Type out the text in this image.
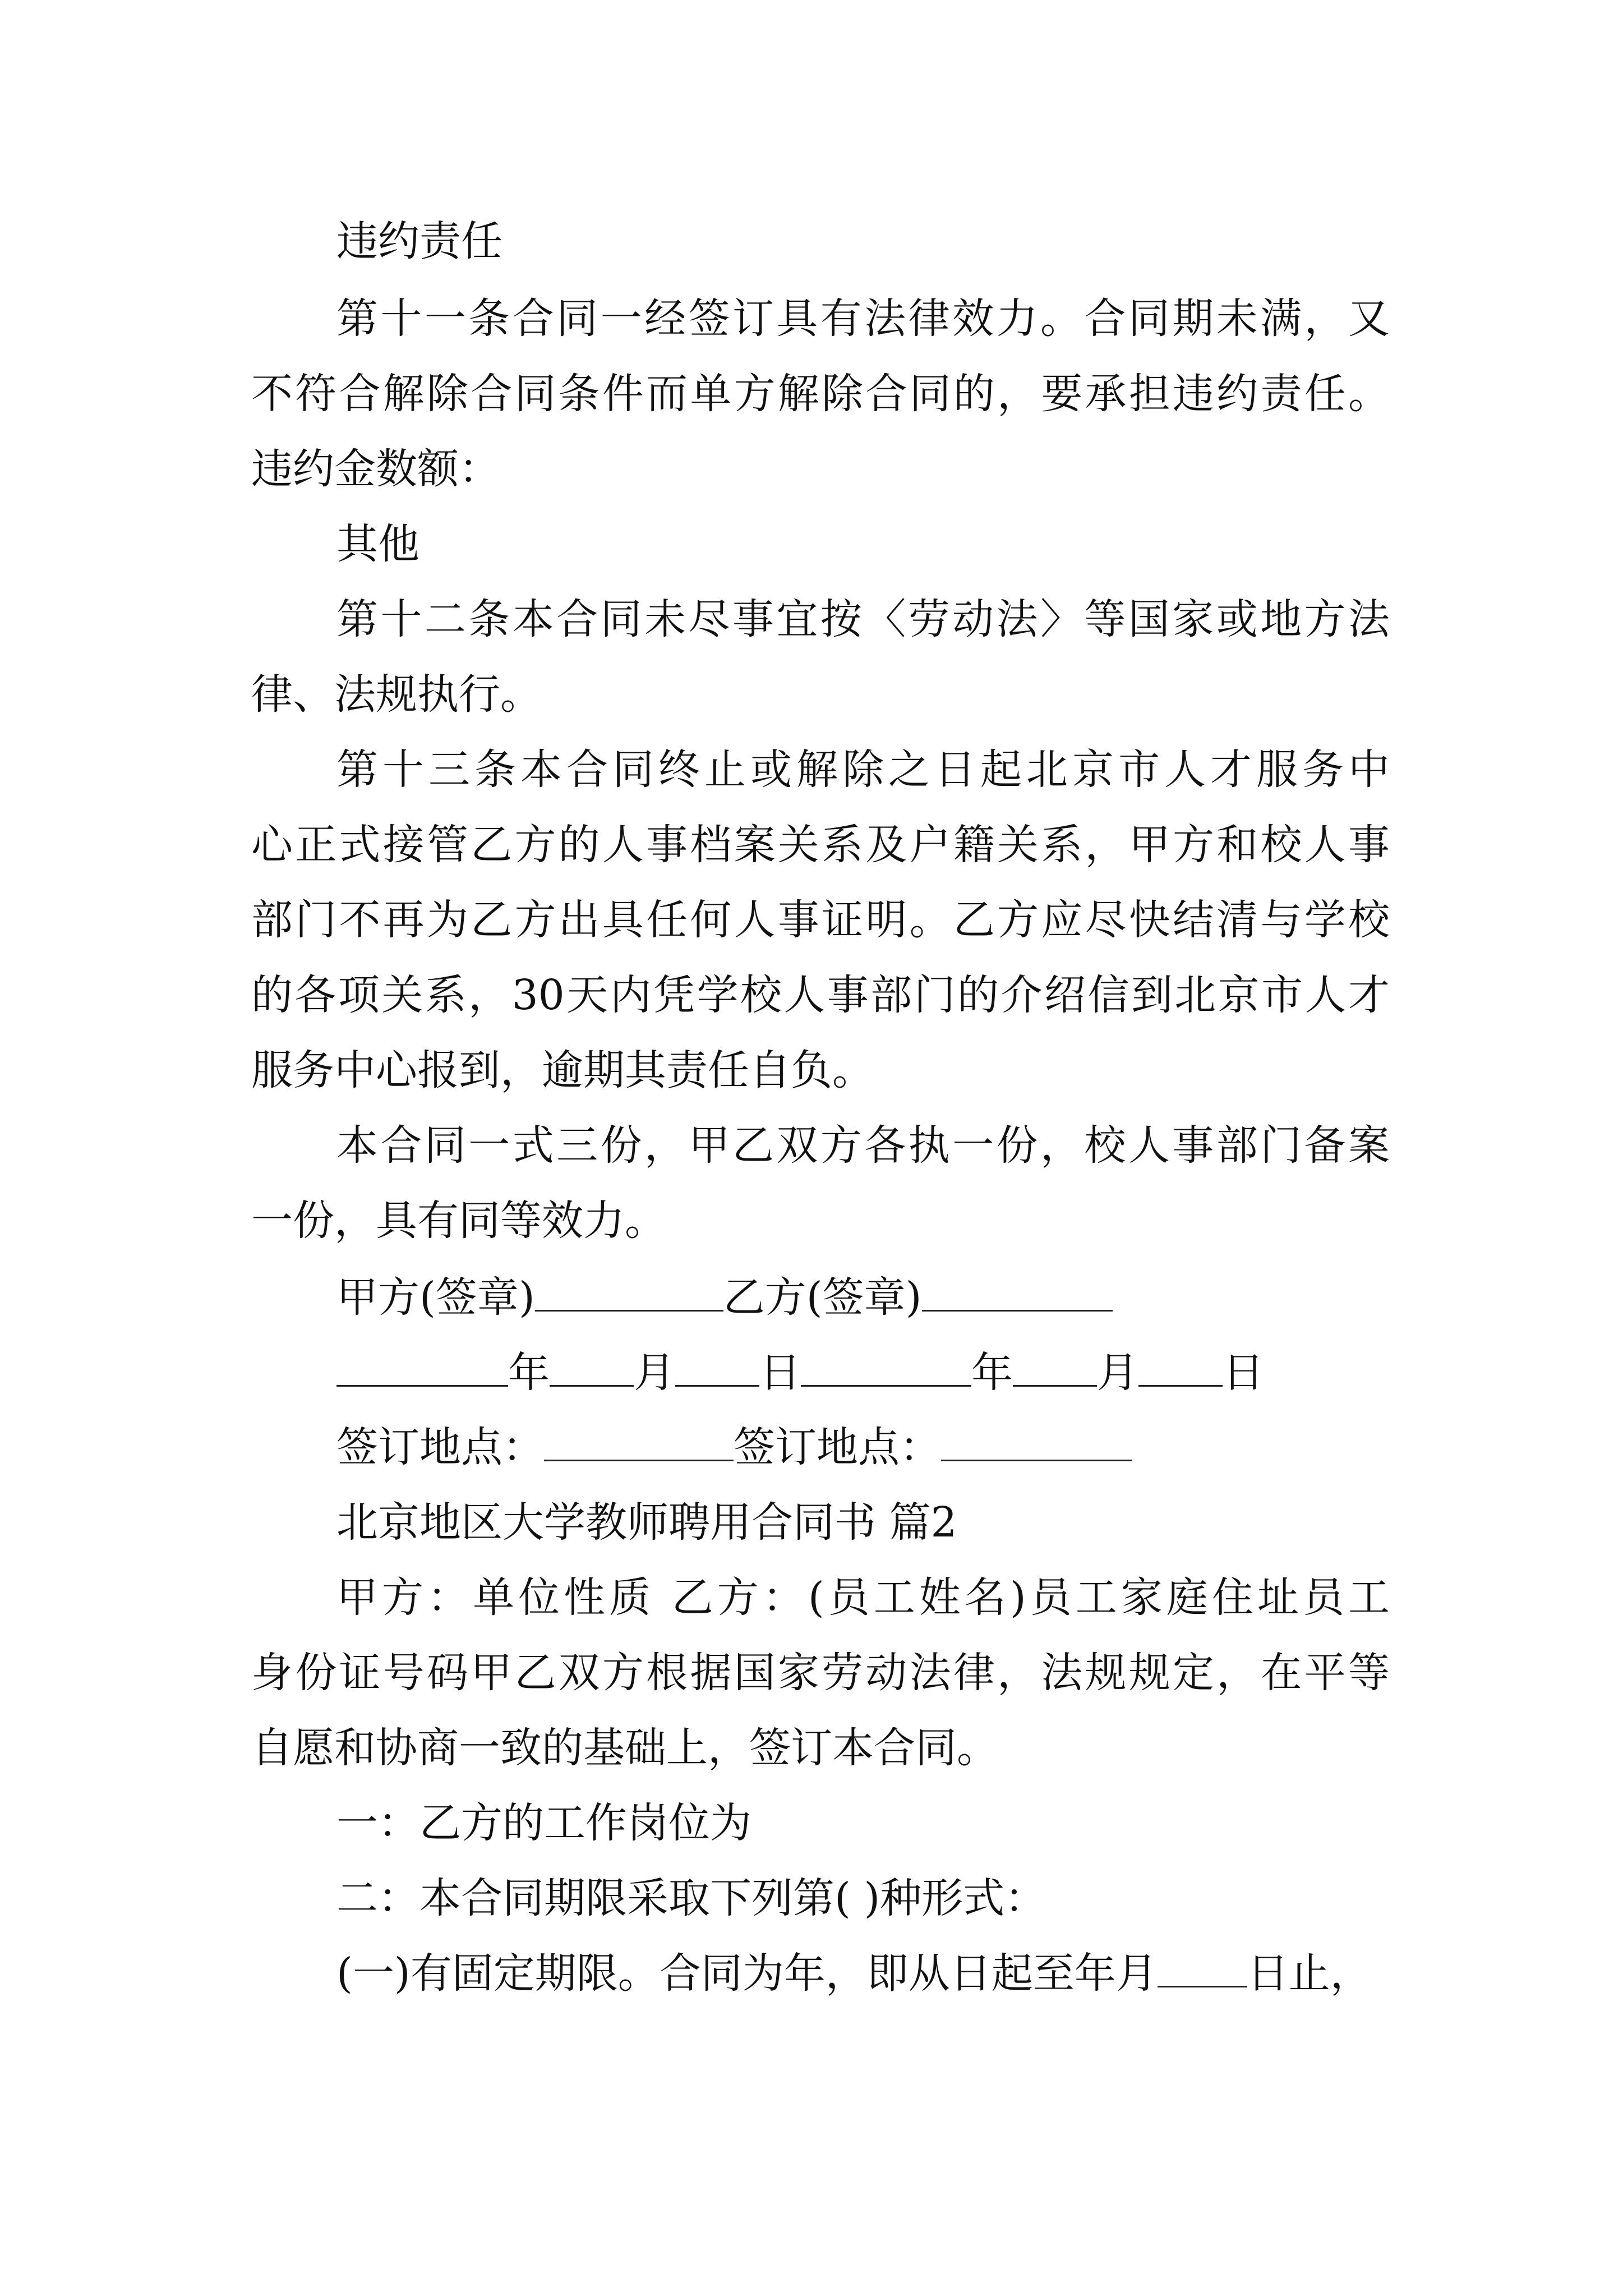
违约责任
第十一条合同一经签订具有法律效力。合同期未满，又
不符合解除合同条件而单方解除合同的，要承担违约责任。
违约金数额：
其他
第十二条本合同未尽事宜按〈劳动法〉等国家或地方法
律、法规执行。
第十三条本合同终止或解除之日起北京市人才服务中
心正式接管乙方的人事档案关系及户籍关系，甲方和校人事
部门不再为乙方出具任何人事证明。乙方应尽快结清与学校
的各项关系，30天内凭学校人事部门的介绍信到北京市人才
服务中心报到，逾期其责任自负。
本合同一式三份，甲乙双方各执一份，校人事部门备案
一份，具有同等效力。
甲方(签章)	乙方(签章)
年 月 日	年 月 日
签订地点：	签订地点：
北京地区大学教师聘用合同书 篇2
甲方：单位性质 乙方：(员工姓名)员工家庭住址员工
身份证号码甲乙双方根据国家劳动法律，法规规定，在平等
自愿和协商一致的基础上，签订本合同。
一：乙方的工作岗位为
二：本合同期限采取下列第( )种形式：
(一)有固定期限。合同为年，即从日起至年月 日止，
